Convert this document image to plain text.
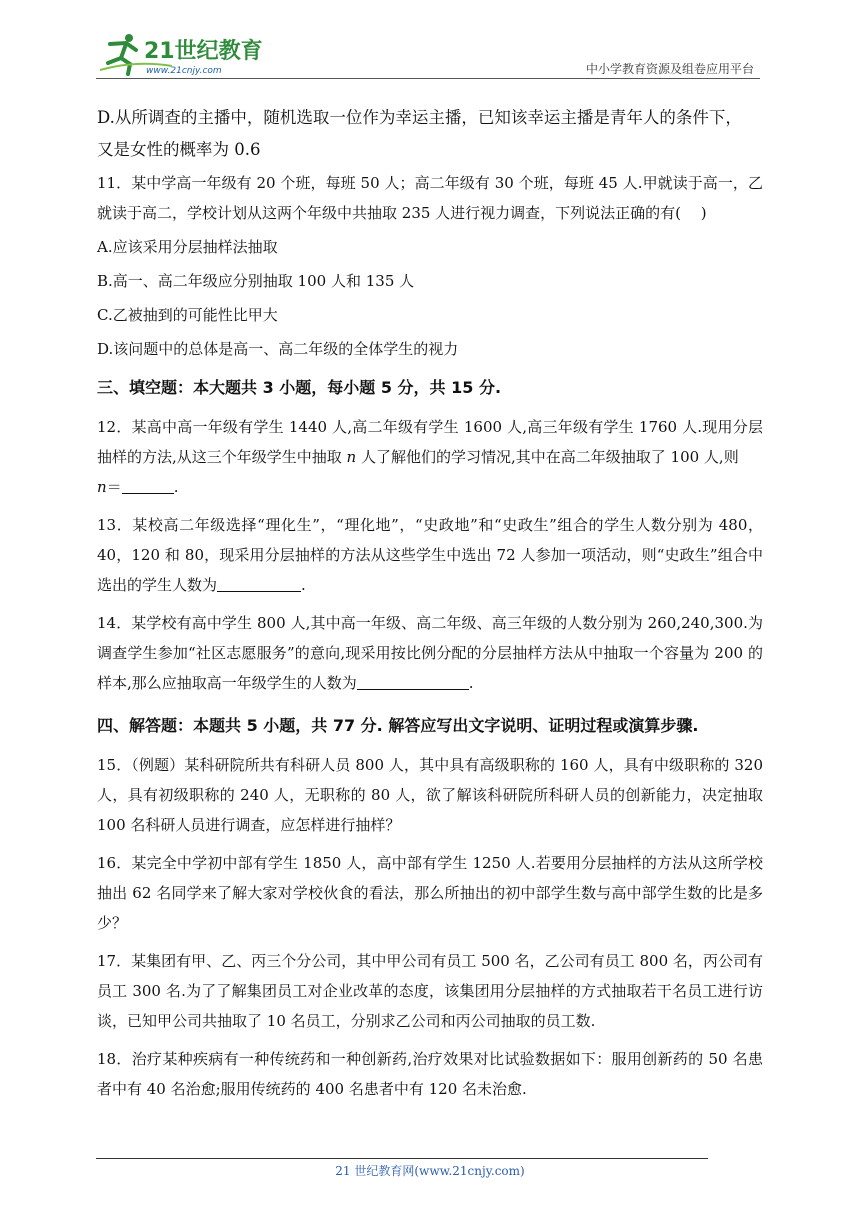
21世纪教育
www.21cnjy.com	中小学教育资源及组卷应用平台

D.从所调查的主播中，随机选取一位作为幸运主播，已知该幸运主播是青年人的条件下，

又是女性的概率为 0.6

11．某中学高一年级有 20 个班，每班 50 人；高二年级有 30 个班，每班 45 人.甲就读于高一，乙就读于高二，学校计划从这两个年级中共抽取 235 人进行视力调查，下列说法正确的有(　 )

A.应该采用分层抽样法抽取

B.高一、高二年级应分别抽取 100 人和 135 人

C.乙被抽到的可能性比甲大

D.该问题中的总体是高一、高二年级的全体学生的视力

三、填空题：本大题共 3 小题，每小题 5 分，共 15 分.

12．某高中高一年级有学生 1440 人,高二年级有学生 1600 人,高三年级有学生 1760 人.现用分层抽样的方法,从这三个年级学生中抽取 n 人了解他们的学习情况,其中在高二年级抽取了 100 人,则
n＝	.

13．某校高二年级选择“理化生”，“理化地”，“史政地”和“史政生”组合的学生人数分别为 480，40，120 和 80，现采用分层抽样的方法从这些学生中选出 72 人参加一项活动，则“史政生”组合中选出的学生人数为	.

14．某学校有高中学生 800 人,其中高一年级、高二年级、高三年级的人数分别为 260,240,300.为调查学生参加“社区志愿服务”的意向,现采用按比例分配的分层抽样方法从中抽取一个容量为 200 的样本,那么应抽取高一年级学生的人数为	.

四、解答题：本题共 5 小题，共 77 分. 解答应写出文字说明、证明过程或演算步骤.

15．（例题）某科研院所共有科研人员 800 人，其中具有高级职称的 160 人，具有中级职称的 320 人，具有初级职称的 240 人，无职称的 80 人，欲了解该科研院所科研人员的创新能力，决定抽取 100 名科研人员进行调查，应怎样进行抽样？

16．某完全中学初中部有学生 1850 人，高中部有学生 1250 人.若要用分层抽样的方法从这所学校抽出 62 名同学来了解大家对学校伙食的看法，那么所抽出的初中部学生数与高中部学生数的比是多少？

17．某集团有甲、乙、丙三个分公司，其中甲公司有员工 500 名，乙公司有员工 800 名，丙公司有员工 300 名.为了了解集团员工对企业改革的态度，该集团用分层抽样的方式抽取若干名员工进行访谈，已知甲公司共抽取了 10 名员工，分别求乙公司和丙公司抽取的员工数.

18．治疗某种疾病有一种传统药和一种创新药,治疗效果对比试验数据如下：服用创新药的 50 名患者中有 40 名治愈;服用传统药的 400 名患者中有 120 名未治愈.

21 世纪教育网(www.21cnjy.com)
